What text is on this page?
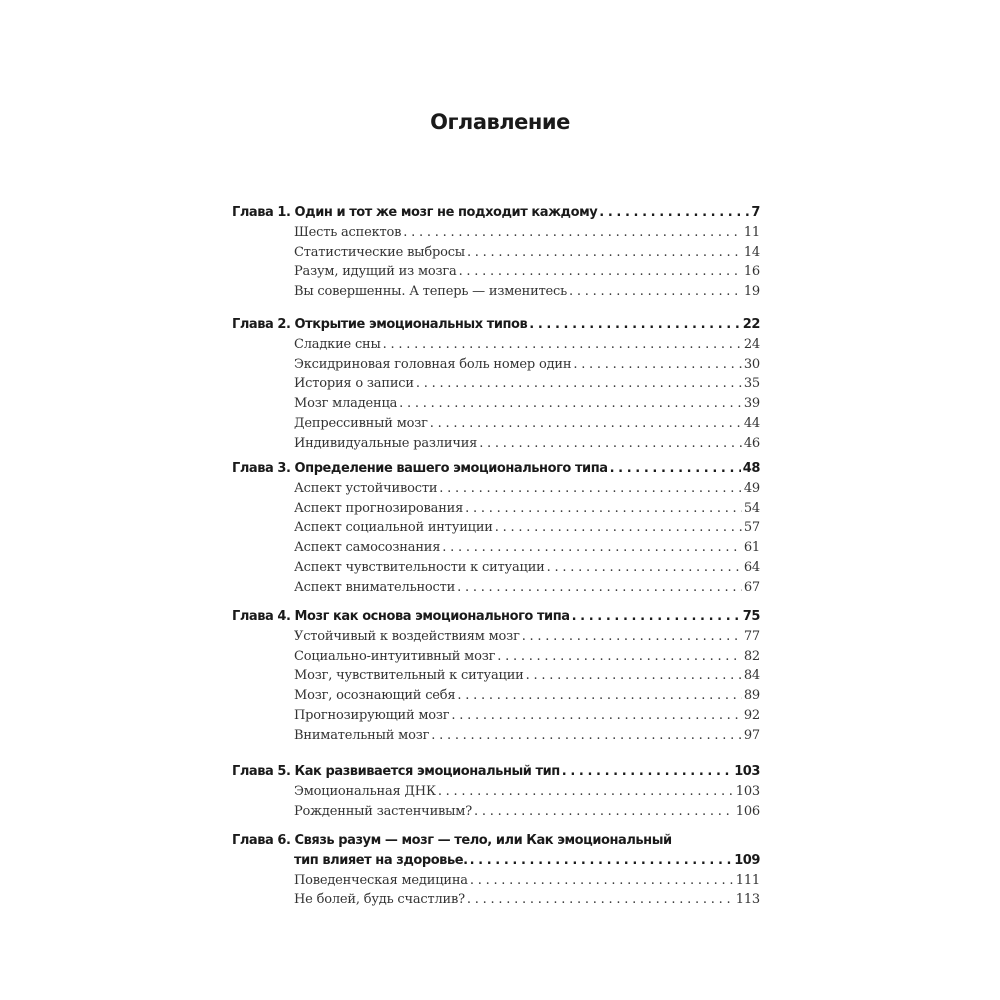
Оглавление
Глава 1. Один и тот же мозг не подходит каждому . . .	7
Шесть аспектов . . .	11
Статистические выбросы . . .	14
Разум, идущий из мозга . . .	16
Вы совершенны. А теперь — изменитесь . . .	19
Глава 2. Открытие эмоциональных типов . . .	22
Сладкие сны . . .	24
Эксидриновая головная боль номер один . . .	30
История о записи . . .	35
Мозг младенца . . .	39
Депрессивный мозг . . .	44
Индивидуальные различия . . .	46
Глава 3. Определение вашего эмоционального типа . . .	48
Аспект устойчивости . . .	49
Аспект прогнозирования . . .	54
Аспект социальной интуиции . . .	57
Аспект самосознания . . .	61
Аспект чувствительности к ситуации . . .	64
Аспект внимательности . . .	67
Глава 4. Мозг как основа эмоционального типа . . .	75
Устойчивый к воздействиям мозг . . .	77
Социально-интуитивный мозг . . .	82
Мозг, чувствительный к ситуации . . .	84
Мозг, осознающий себя . . .	89
Прогнозирующий мозг . . .	92
Внимательный мозг . . .	97
Глава 5. Как развивается эмоциональный тип . . .	103
Эмоциональная ДНК . . .	103
Рожденный застенчивым? . . .	106
Глава 6. Связь разум — мозг — тело, или Как эмоциональный
тип влияет на здоровье. . . .	109
Поведенческая медицина . . .	111
Не болей, будь счастлив? . . .	113
